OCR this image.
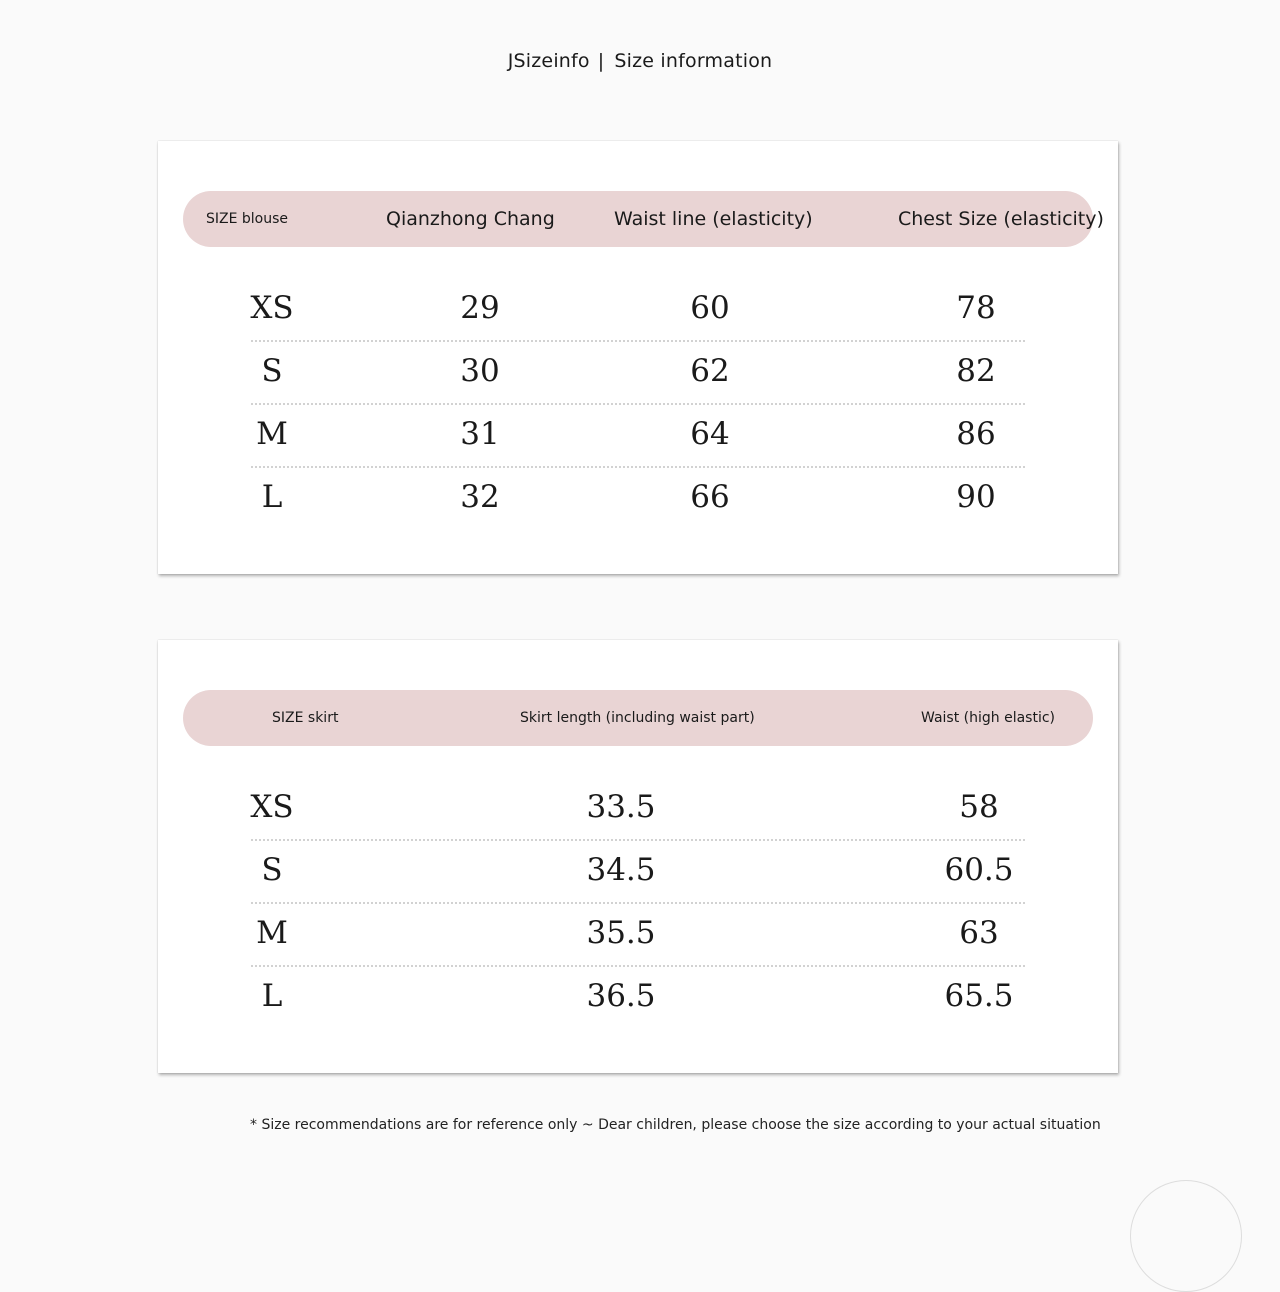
JSizeinfo | Size information
SIZE blouse	Qianzhong Chang	Waist line (elasticity)	Chest Size (elasticity)
XS	29	60	78
S	30	62	82
M	31	64	86
L	32	66	90
SIZE skirt	Skirt length (including waist part)	Waist (high elastic)
XS	33.5	58
S	34.5	60.5
M	35.5	63
L	36.5	65.5
* Size recommendations are for reference only ~ Dear children, please choose the size according to your actual situation
